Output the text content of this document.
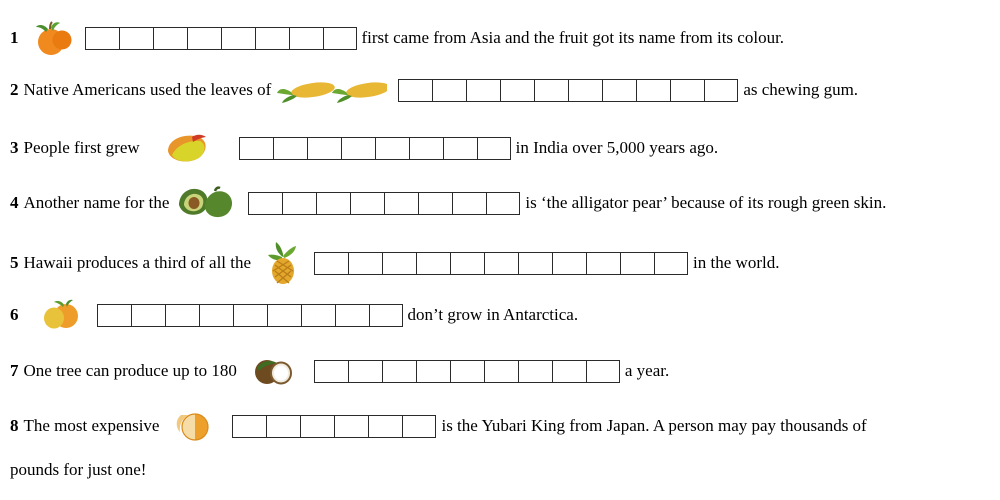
1	first came from Asia and the fruit got its name from its colour.
2 Native Americans used the leaves of	as chewing gum.
3 People first grew	in India over 5,000 years ago.
4 Another name for the	is ‘the alligator pear’ because of its rough green skin.
5 Hawaii produces a third of all the	in the world.
6	don’t grow in Antarctica.
7 One tree can produce up to 180	a year.
8 The most expensive	is the Yubari King from Japan. A person may pay thousands of
pounds for just one!
